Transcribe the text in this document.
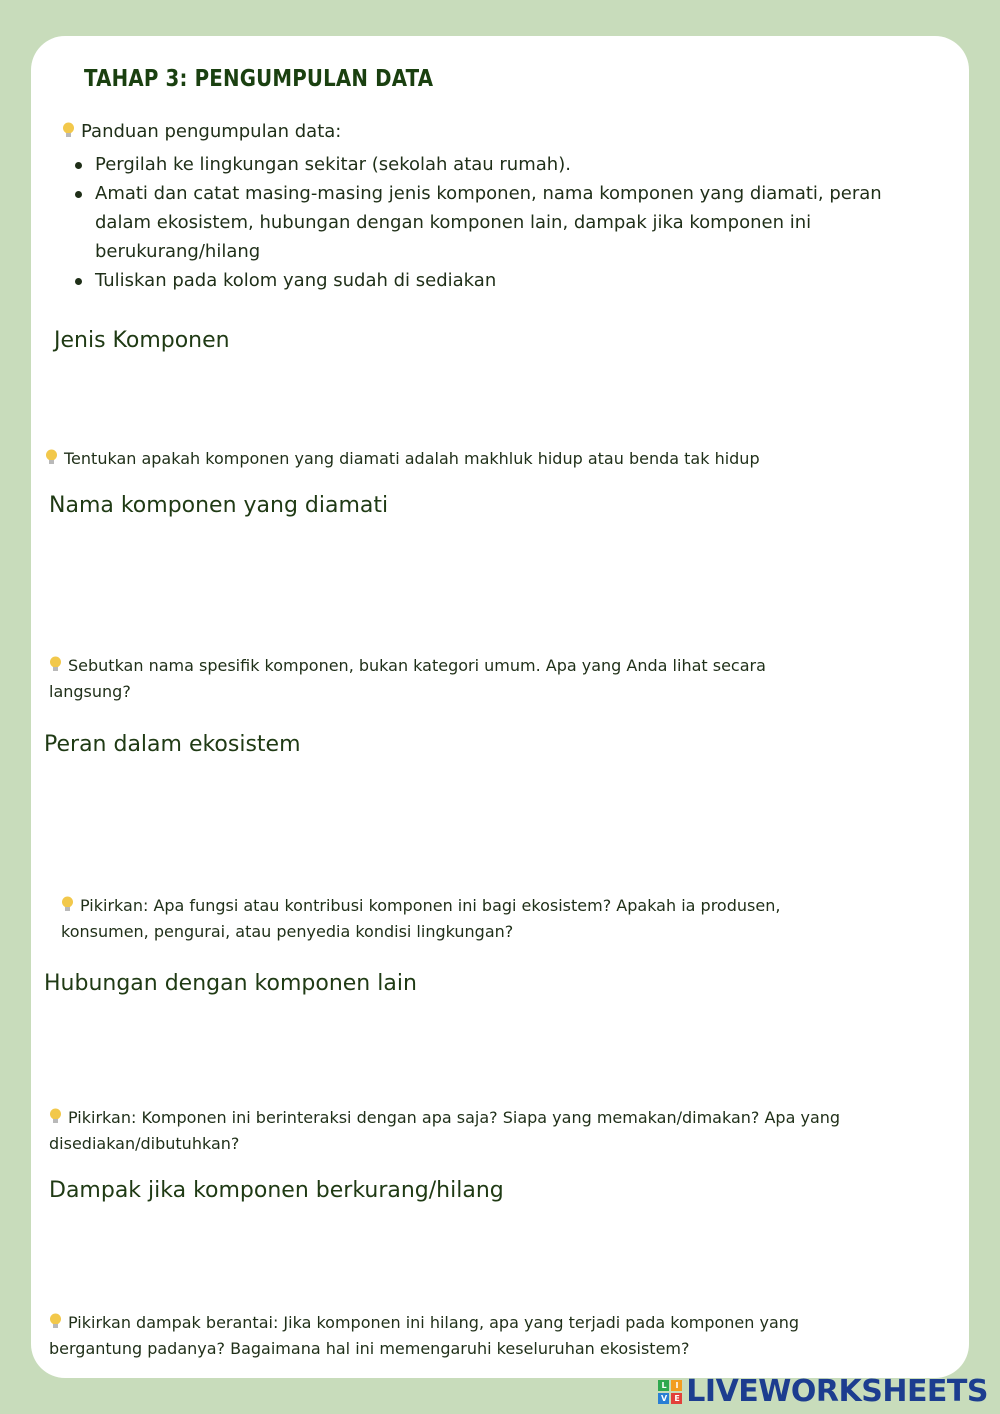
TAHAP 3: PENGUMPULAN DATA
Panduan pengumpulan data:
Pergilah ke lingkungan sekitar (sekolah atau rumah).
Amati dan catat masing-masing jenis komponen, nama komponen yang diamati, peran dalam ekosistem, hubungan dengan komponen lain, dampak jika komponen ini berukurang/hilang
Tuliskan pada kolom yang sudah di sediakan
Jenis Komponen
Tentukan apakah komponen yang diamati adalah makhluk hidup atau benda tak hidup
Nama komponen yang diamati
Sebutkan nama spesifik komponen, bukan kategori umum. Apa yang Anda lihat secara langsung?
Peran dalam ekosistem
Pikirkan: Apa fungsi atau kontribusi komponen ini bagi ekosistem? Apakah ia produsen, konsumen, pengurai, atau penyedia kondisi lingkungan?
Hubungan dengan komponen lain
Pikirkan: Komponen ini berinteraksi dengan apa saja? Siapa yang memakan/dimakan? Apa yang disediakan/dibutuhkan?
Dampak jika komponen berkurang/hilang
Pikirkan dampak berantai: Jika komponen ini hilang, apa yang terjadi pada komponen yang bergantung padanya? Bagaimana hal ini memengaruhi keseluruhan ekosistem?
L	I
V E LIVEWORKSHEETS
